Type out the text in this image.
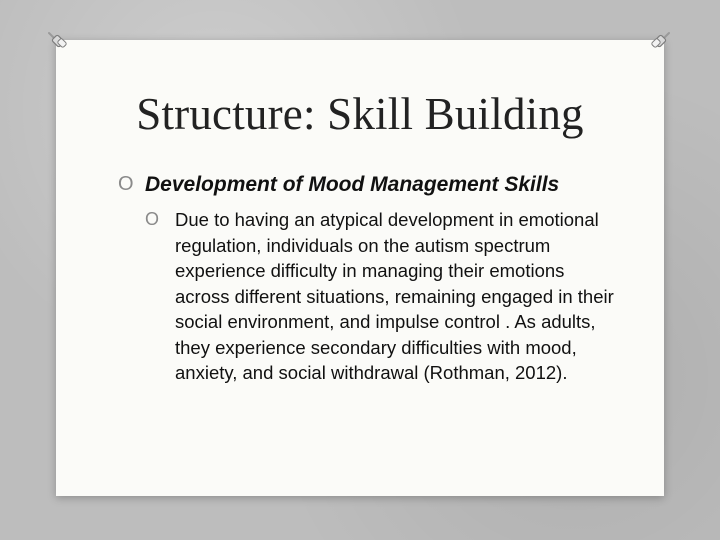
Structure: Skill Building
O Development of Mood Management Skills
O Due to having an atypical development in emotional regulation, individuals on the autism spectrum experience difficulty in managing their emotions across different situations, remaining engaged in their social environment, and impulse control . As adults, they experience secondary difficulties with mood, anxiety, and social withdrawal (Rothman, 2012).
